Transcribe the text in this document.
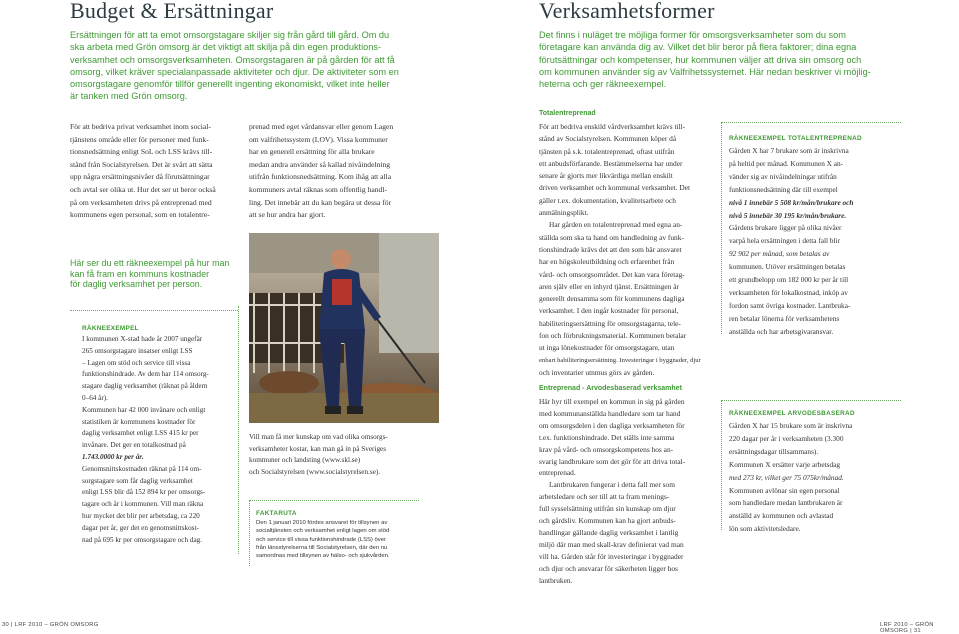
Budget & Ersättningar
Ersättningen för att ta emot omsorgstagare skiljer sig från gård till gård. Om du
ska arbeta med Grön omsorg är det viktigt att skilja på din egen produktions-
verksamhet och omsorgsverksamheten. Omsorgstagaren är på gården för att få
omsorg, vilket kräver specialanpassade aktiviteter och djur. De aktiviteter som en
omsorgstagare genomför tillför generellt ingenting ekonomiskt, vilket inte heller
är tanken med Grön omsorg.
För att bedriva privat verksamhet inom social-
tjänstens område eller för personer med funk-
tionsnedsättning enligt SoL och LSS krävs till-
stånd från Socialstyrelsen. Det är svårt att sätta
upp några ersättningsnivåer då förutsättningar
och avtal ser olika ut. Hur det ser ut beror också
på om verksamheten drivs på entreprenad med
kommunens egen personal, som en totalentre-
prenad med eget vårdansvar eller genom Lagen
om valfrihetssystem (LOV). Vissa kommuner
har en generell ersättning för alla brukare
medan andra använder så kallad nivåindelning
utifrån funktionsnedsättning. Kom ihåg att alla
kommuners avtal räknas som offentlig handl-
ling. Det innebär att du kan begära ut dessa för
att se hur andra har gjort.
Här ser du ett räkneexempel på hur man
kan få fram en kommuns kostnader
för daglig verksamhet per person.
RÄKNEEXEMPEL
I kommunen X-stad hade år 2007 ungefär
265 omsorgstagare insatser enligt LSS
– Lagen om stöd och service till vissa
funktionshindrade. Av dem har 114 omsorg-
stagare daglig verksamhet (räknat på åldern
0–64 år).
Kommunen har 42 000 invånare och enligt
statistiken är kommunens kostnader för
daglig verksamhet enligt LSS 415 kr per
invånare. Det ger en totalkostnad på
1.743.0000 kr per år.
Genomsnittskostnaden räknat på 114 om-
sorgstagare som får daglig verksamhet
enligt LSS blir då 152 894 kr per omsorgs-
tagare och år i kommunen. Vill man räkna
hur mycket det blir per arbetsdag, ca 220
dagar per år, ger det en genomsnittskost-
nad på 695 kr per omsorgstagare och dag.
Vill man få mer kunskap om vad olika omsorgs-
verksamheter kostar, kan man gå in på Sveriges
kommuner och landsting (www.skl.se)
och Socialstyrelsen (www.socialstyrelsen.se).
FAKTARUTA
Den 1 januari 2010 fördes ansvaret för tillsynen av
socialtjänsten och verksamhet enligt lagen om stöd
och service till vissa funktionshindrade (LSS) över
från länsstyrelserna till Socialstyrelsen, där den nu
samordnas med tillsynen av hälso- och sjukvården.
30 | LRF 2010 – GRÖN OMSORG
Verksamhetsformer
Det finns i nuläget tre möjliga former för omsorgsverksamheter som du som
företagare kan använda dig av. Vilket det blir beror på flera faktorer; dina egna
förutsättningar och kompetenser, hur kommunen väljer att driva sin omsorg och
om kommunen använder sig av Valfrihetssystemet. Här nedan beskriver vi möjlig-
heterna och ger räkneexempel.
Totalentreprenad
För att bedriva enskild vårdverksamhet krävs till-
stånd av Socialstyrelsen. Kommunen köper då
tjänsten på s.k. totalentreprenad, oftast utifrån
ett anbudsförfarande. Bestämmelserna har under
senare år gjorts mer likvärdiga mellan enskilt
driven verksamhet och kommunal verksamhet. Det
gäller t.ex. dokumentation, kvalitetsarbete och
anmälningsplikt.
Har gården en totalentreprenad med egna an-
ställda som ska ta hand om handledning av funk-
tionshindrade krävs det att den som bär ansvaret
har en högskoleutbildning och erfarenhet från
vård- och omsorgsområdet. Det kan vara företag-
aren själv eller en inhyrd tjänst. Ersättningen är
generellt densamma som för kommunens dagliga
verksamhet. I den ingår kostnader för personal,
habiliteringsersättning för omsorgstagarna, tele-
fon och förbrukningsmaterial. Kommunen betalar
ut inga lönekostnader för omsorgstagare, utan
enbart habiliteringsersättning. Investeringar i byggnader, djur
och inventarier utnmus görs av gården.
Entreprenad - Arvodesbaserad verksamhet
Här hyr till exempel en kommun in sig på gården
med kommunanställda handledare som tar hand
om omsorgsdelen i den dagliga verksamheten för
t.ex. funktionshindrade. Det ställs inte samma
krav på vård- och omsorgskompetens hos an-
svarig landbrukare som det gör för att driva total-
entreprenad.
Lantbrukaren fungerar i detta fall mer som
arbetsledare och ser till att ta fram menings-
full sysselsättning utifrån sin kunskap om djur
och gårdsliv. Kommunen kan ha gjort anbuds-
handlingar gällande daglig verksamhet i lantlig
miljö där man med skall-krav definierat vad man
vill ha. Gården står för investeringar i byggnader
och djur och ansvarar för säkerheten ligger hos
lantbruken.
RÄKNEEXEMPEL TOTALENTREPRENAD
Gården X har 7 brukare som är inskrivna
på heltid per månad. Kommunen X an-
vänder sig av nivåindelningar utifrån
funktionsnedsättning där till exempel
nivå 1 innebär 5 508 kr/mån/brukare och
nivå 5 innebär 30 195 kr/mån/brukare.
Gårdens brukare ligger på olika nivåer
varpå hela ersättningen i detta fall blir
92 902 per månad, som betalas av
kommunen. Utöver ersättningen betalas
ett grundbelopp om 182 000 kr per år till
verksamheten för lokalkostnad, inköp av
fordon samt övriga kostnader. Lantbruka-
ren betalar lönerna för verksamhetens
anställda och har arbetsgivaransvar.
RÄKNEEXEMPEL ARVODESBASERAD
Gården X har 15 brukare som är inskrivna
220 dagar per år i verksamheten (3.300
ersättningsdagar tillsammans).
Kommunen X ersätter varje arbetsdag
med 273 kr, vilket ger 75 075kr/månad.
Kommunen avlönar sin egen personal
som handledare medan lantbrukaren är
anställd av kommunen och avlastad
lön som aktivitetsledare.
LRF 2010 – GRÖN OMSORG | 31
